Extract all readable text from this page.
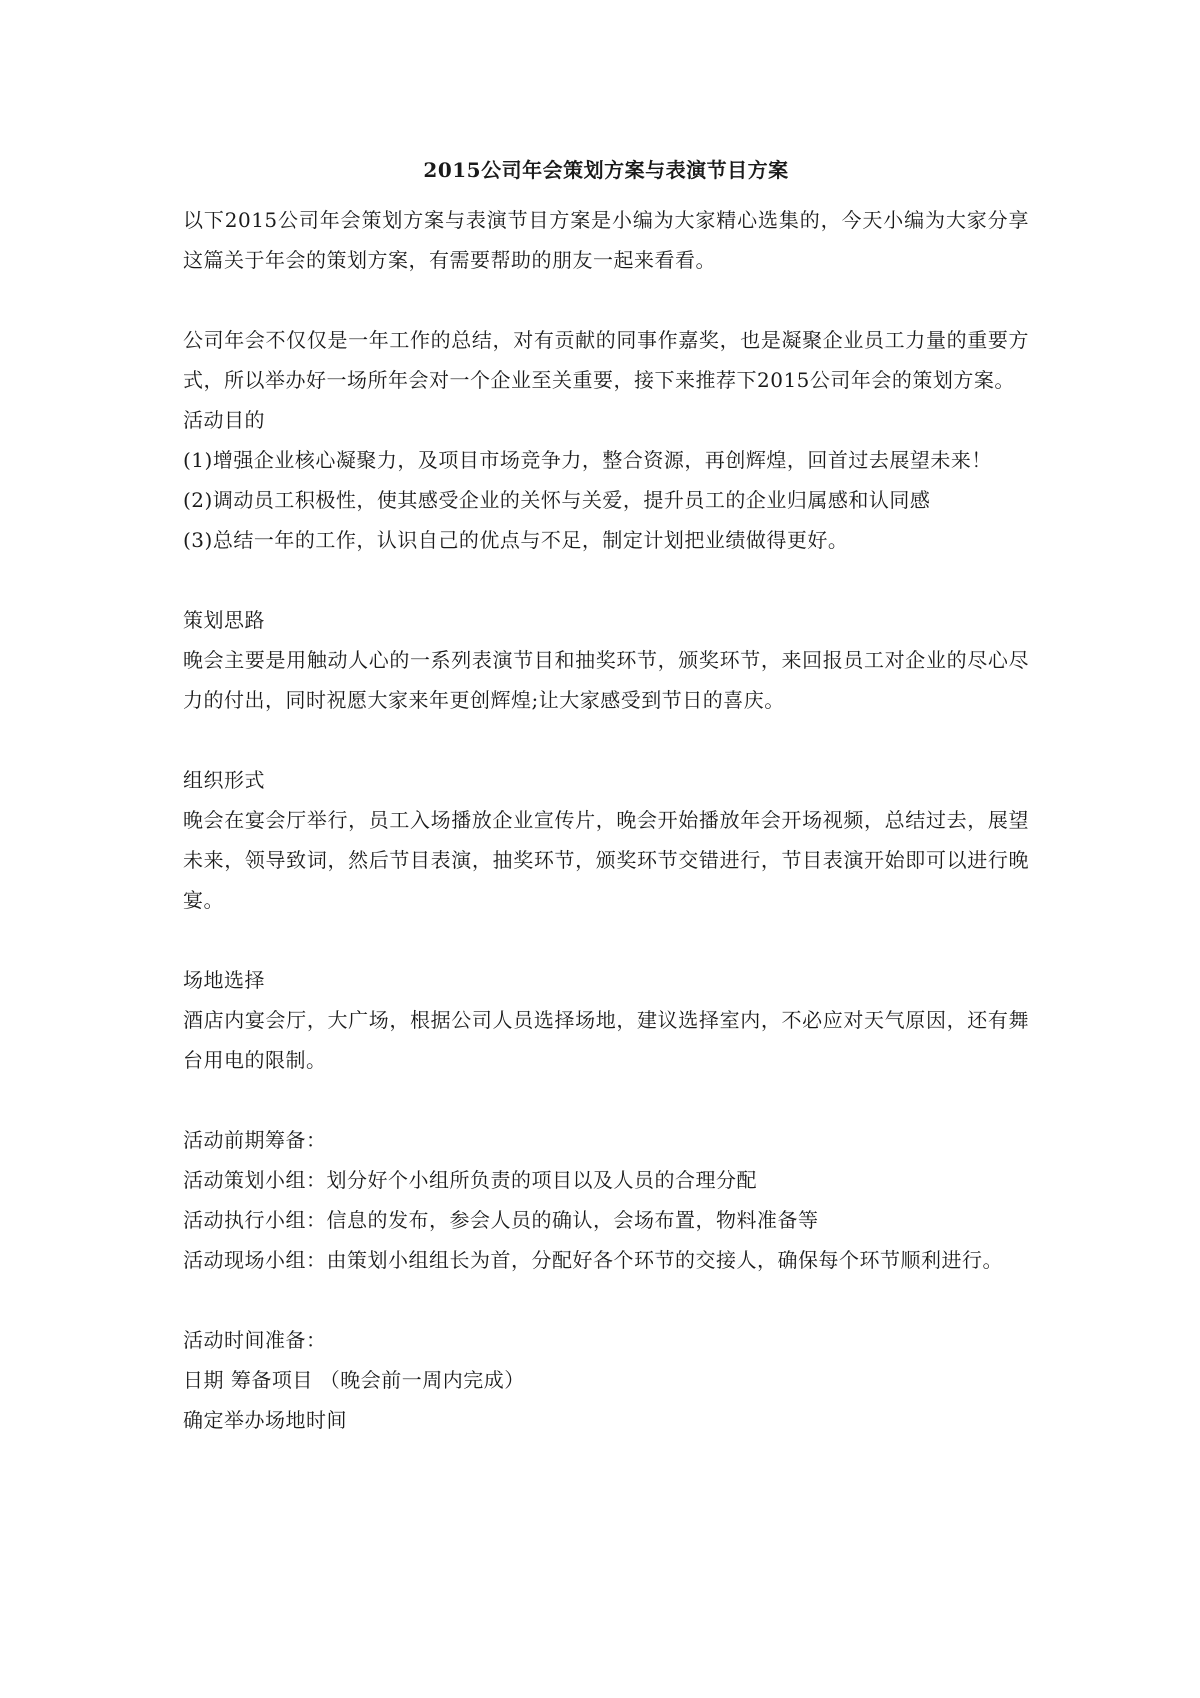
2015公司年会策划方案与表演节目方案

以下2015公司年会策划方案与表演节目方案是小编为大家精心选集的，今天小编为大家分享这篇关于年会的策划方案，有需要帮助的朋友一起来看看。

公司年会不仅仅是一年工作的总结，对有贡献的同事作嘉奖，也是凝聚企业员工力量的重要方式，所以举办好一场所年会对一个企业至关重要，接下来推荐下2015公司年会的策划方案。

活动目的

(1)增强企业核心凝聚力，及项目市场竞争力，整合资源，再创辉煌，回首过去展望未来！

(2)调动员工积极性，使其感受企业的关怀与关爱，提升员工的企业归属感和认同感

(3)总结一年的工作，认识自己的优点与不足，制定计划把业绩做得更好。

策划思路

晚会主要是用触动人心的一系列表演节目和抽奖环节，颁奖环节，来回报员工对企业的尽心尽力的付出，同时祝愿大家来年更创辉煌;让大家感受到节日的喜庆。

组织形式

晚会在宴会厅举行，员工入场播放企业宣传片，晚会开始播放年会开场视频，总结过去，展望未来，领导致词，然后节目表演，抽奖环节，颁奖环节交错进行，节目表演开始即可以进行晚宴。

场地选择

酒店内宴会厅，大广场，根据公司人员选择场地，建议选择室内，不必应对天气原因，还有舞台用电的限制。

活动前期筹备：

活动策划小组：划分好个小组所负责的项目以及人员的合理分配

活动执行小组：信息的发布，参会人员的确认，会场布置，物料准备等

活动现场小组：由策划小组组长为首，分配好各个环节的交接人，确保每个环节顺利进行。

活动时间准备：

日期 筹备项目 （晚会前一周内完成）

确定举办场地时间
